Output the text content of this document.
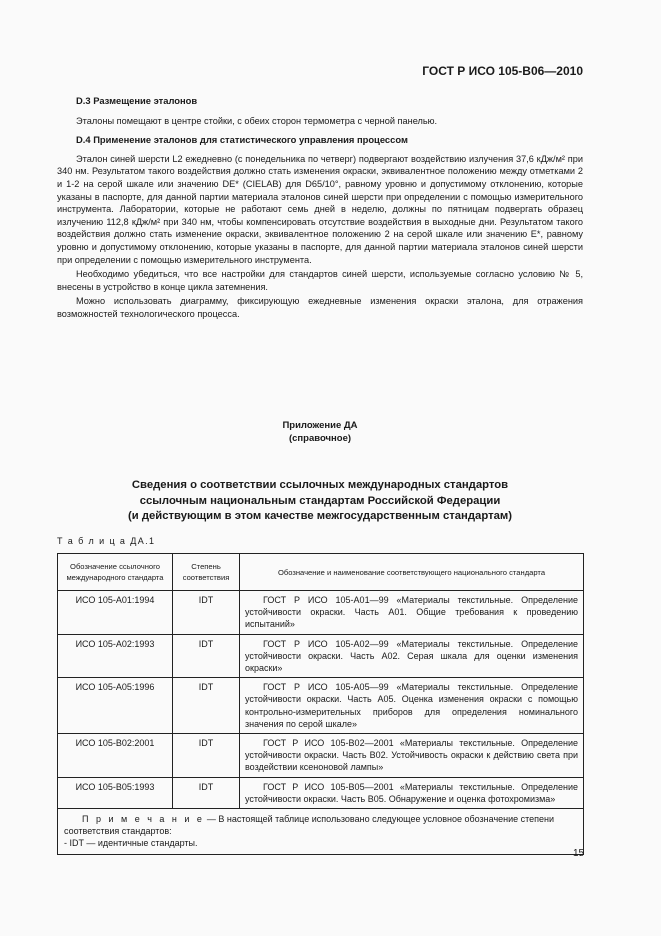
ГОСТ Р ИСО 105-В06—2010
D.3 Размещение эталонов

Эталоны помещают в центре стойки, с обеих сторон термометра с черной панелью.

D.4 Применение эталонов для статистического управления процессом

Эталон синей шерсти L2 ежедневно (с понедельника по четверг) подвергают воздействию излучения 37,6 кДж/м² при 340 нм. Результатом такого воздействия должно стать изменения окраски, эквивалентное положению между отметками 2 и 1-2 на серой шкале или значению DE* (CIELAB) для D65/10°, равному уровню и допустимому отклонению, которые указаны в паспорте, для данной партии материала эталонов синей шерсти при определении с помощью измерительного инструмента. Лаборатории, которые не работают семь дней в неделю, должны по пятницам подвергать образец излучению 112,8 кДж/м² при 340 нм, чтобы компенсировать отсутствие воздействия в выходные дни. Результатом такого воздействия должно стать изменение окраски, эквивалентное положению 2 на серой шкале или значению E*, равному уровню и допустимому отклонению, которые указаны в паспорте, для данной партии материала эталонов синей шерсти при определении с помощью измерительного инструмента.

Необходимо убедиться, что все настройки для стандартов синей шерсти, используемые согласно условию № 5, внесены в устройство в конце цикла затемнения.

Можно использовать диаграмму, фиксирующую ежедневные изменения окраски эталона, для отражения возможностей технологического процесса.

Приложение ДА
(справочное)
Сведения о соответствии ссылочных международных стандартов
ссылочным национальным стандартам Российской Федерации
(и действующим в этом качестве межгосударственным стандартам)
Т а б л и ц а ДА.1
Обозначение ссылочного международного стандарта	Степень соответствия	Обозначение и наименование соответствующего национального стандарта
ИСО 105-А01:1994	IDT	ГОСТ Р ИСО 105-А01—99 «Материалы текстильные. Определение устойчивости окраски. Часть А01. Общие требования к проведению испытаний»
ИСО 105-А02:1993	IDT	ГОСТ Р ИСО 105-А02—99 «Материалы текстильные. Определение устойчивости окраски. Часть А02. Серая шкала для оценки изменения окраски»
ИСО 105-А05:1996	IDT	ГОСТ Р ИСО 105-А05—99 «Материалы текстильные. Определение устойчивости окраски. Часть А05. Оценка изменения окраски с помощью контрольно-измерительных приборов для определения номинального значения по серой шкале»
ИСО 105-В02:2001	IDT	ГОСТ Р ИСО 105-В02—2001 «Материалы текстильные. Определение устойчивости окраски. Часть В02. Устойчивость окраски к действию света при воздействии ксеноновой лампы»
ИСО 105-В05:1993	IDT	ГОСТ Р ИСО 105-В05—2001 «Материалы текстильные. Определение устойчивости окраски. Часть В05. Обнаружение и оценка фотохромизма»
П р и м е ч а н и е — В настоящей таблице использовано следующее условное обозначение степени соответствия стандартов:
- IDT — идентичные стандарты.		
15
